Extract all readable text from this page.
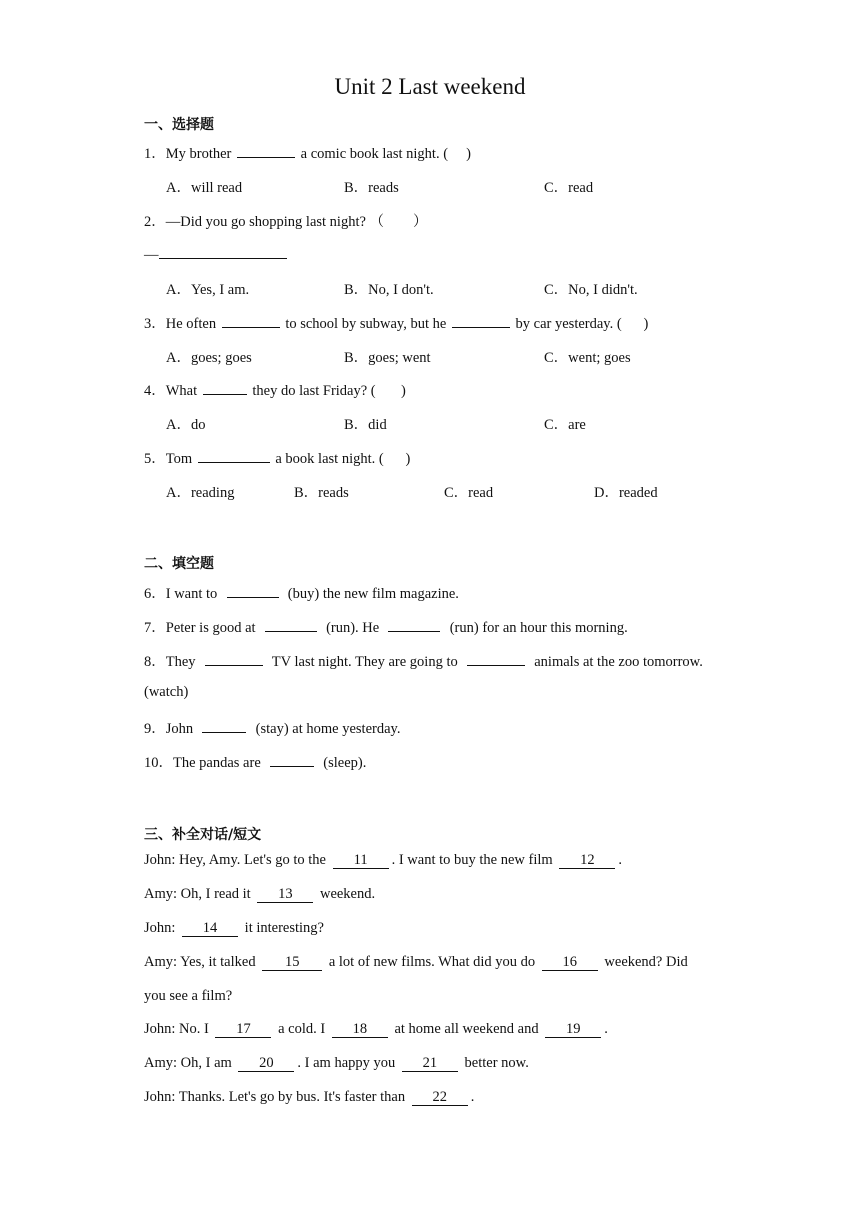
Unit 2 Last weekend
一、选择题
1．My brother	a comic book last night. ( )
A．will read	B．reads	C．read
2．—Did you go shopping last night? （　　）
—
A．Yes, I am.	B．No, I don't.	C．No, I didn't.
3．He often	to school by subway, but he	by car yesterday. ( )
A．goes; goes	B．goes; went	C．went; goes
4．What	they do last Friday? ( )
A．do	B．did	C．are
5．Tom	a book last night. ( )
A．reading	B．reads	C．read	D．readed
二、填空题
6．I want to	(buy) the new film magazine.
7．Peter is good at	(run). He	(run) for an hour this morning.
8．They	TV last night. They are going to	animals at the zoo tomorrow.
(watch)
9．John	(stay) at home yesterday.
10．The pandas are	(sleep).
三、补全对话/短文
John: Hey, Amy. Let's go to the 11 . I want to buy the new film 12 .
Amy: Oh, I read it 13 weekend.
John: 14 it interesting?
Amy: Yes, it talked 15 a lot of new films. What did you do 16 weekend? Did
you see a film?
John: No. I 17 a cold. I 18 at home all weekend and 19 .
Amy: Oh, I am 20 . I am happy you 21 better now.
John: Thanks. Let's go by bus. It's faster than 22 .
